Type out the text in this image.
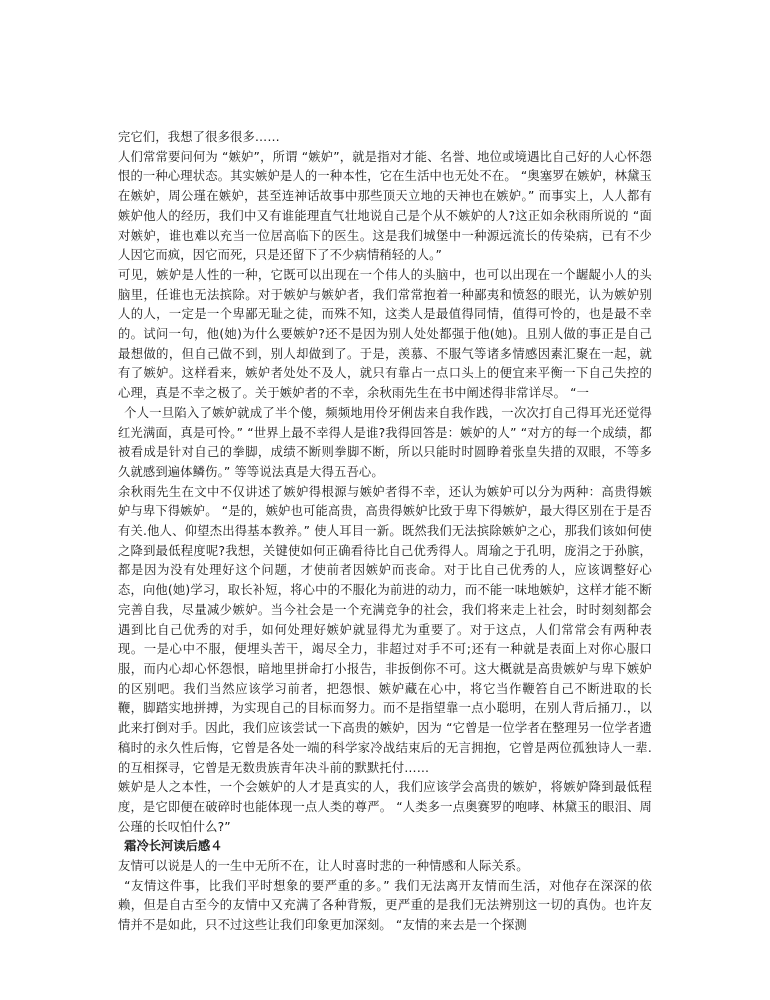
完它们，我想了很多很多……

人们常常要问何为 “嫉妒”，所谓 “嫉妒”，就是指对才能、名誉、地位或境遇比自己好的人心怀怨恨的一种心理状态。其实嫉妒是人的一种本性，它在生活中也无处不在。 “奥塞罗在嫉妒，林黛玉在嫉妒，周公瑾在嫉妒，甚至连神话故事中那些顶天立地的天神也在嫉妒。” 而事实上，人人都有嫉妒他人的经历，我们中又有谁能理直气壮地说自己是个从不嫉妒的人?这正如余秋雨所说的 “面对嫉妒，谁也难以充当一位居高临下的医生。这是我们城堡中一种源远流长的传染病，已有不少人因它而疯，因它而死，只是还留下了不少病情稍轻的人。”

可见，嫉妒是人性的一种，它既可以出现在一个伟人的头脑中，也可以出现在一个龌龊小人的头脑里，任谁也无法摈除。对于嫉妒与嫉妒者，我们常常抱着一种鄙夷和愤怒的眼光，认为嫉妒别人的人，一定是一个卑鄙无耻之徒，而殊不知，这类人是最值得同情，值得可怜的，也是最不幸的。试问一句，他(她)为什么要嫉妒?还不是因为别人处处都强于他(她)。且别人做的事正是自己最想做的，但自己做不到，别人却做到了。于是，羡慕、不服气等诸多情感因素汇聚在一起，就有了嫉妒。这样看来，嫉妒者处处不及人，就只有靠占一点口头上的便宜来平衡一下自己失控的心理，真是不幸之极了。关于嫉妒者的不幸，余秋雨先生在书中阐述得非常详尽。 “一

个人一旦陷入了嫉妒就成了半个傻，频频地用伶牙俐齿来自我作践，一次次打自己得耳光还觉得红光满面，真是可怜。” “世界上最不幸得人是谁?我得回答是：嫉妒的人” “对方的每一个成绩，都被看成是针对自己的拳脚，成绩不断则拳脚不断，所以只能时时圆睁着张皇失措的双眼，不等多久就感到遍体鳞伤。” 等等说法真是大得五吾心。

余秋雨先生在文中不仅讲述了嫉妒得根源与嫉妒者得不幸，还认为嫉妒可以分为两种：高贵得嫉妒与卑下得嫉妒。 “是的，嫉妒也可能高贵，高贵得嫉妒比致于卑下得嫉妒，最大得区别在于是否有关.他人、仰望杰出得基本教养。” 使人耳目一新。既然我们无法摈除嫉妒之心，那我们该如何使之降到最低程度呢?我想，关键使如何正确看待比自己优秀得人。周瑜之于孔明，庞涓之于孙膑，都是因为没有处理好这个问题，才使前者因嫉妒而丧命。对于比自己优秀的人，应该调整好心态，向他(她)学习，取长补短，将心中的不服化为前进的动力，而不能一味地嫉妒，这样才能不断完善自我，尽量减少嫉妒。当今社会是一个充满竞争的社会，我们将来走上社会，时时刻刻都会遇到比自己优秀的对手，如何处理好嫉妒就显得尤为重要了。对于这点，人们常常会有两种表现。一是心中不服，便埋头苦干，竭尽全力，非超过对手不可;还有一种就是表面上对你心服口服，而内心却心怀怨恨，暗地里拼命打小报告，非扳倒你不可。这大概就是高贵嫉妒与卑下嫉妒的区别吧。我们当然应该学习前者，把怨恨、嫉妒藏在心中，将它当作鞭笞自己不断进取的长鞭，脚踏实地拼搏，为实现自己的目标而努力。而不是指望靠一点小聪明，在别人背后捅刀.，以此来打倒对手。因此，我们应该尝试一下高贵的嫉妒，因为 “它曾是一位学者在整理另一位学者遗稿时的永久性后悔，它曾是各处一端的科学家冷战结束后的无言拥抱，它曾是两位孤独诗人一辈.的互相探寻，它曾是无数贵族青年决斗前的默默托付……

嫉妒是人之本性，一个会嫉妒的人才是真实的人，我们应该学会高贵的嫉妒，将嫉妒降到最低程度，是它即便在破碎时也能体现一点人类的尊严。 “人类多一点奥赛罗的咆哮、林黛玉的眼泪、周公瑾的长叹怕什么?”

霜冷长河读后感４

友情可以说是人的一生中无所不在，让人时喜时悲的一种情感和人际关系。

“友情这件事，比我们平时想象的要严重的多。” 我们无法离开友情而生活，对他存在深深的依赖，但是自古至今的友情中又充满了各种背叛，更严重的是我们无法辨别这一切的真伪。也许友情并不是如此，只不过这些让我们印象更加深刻。 “友情的来去是一个探测
